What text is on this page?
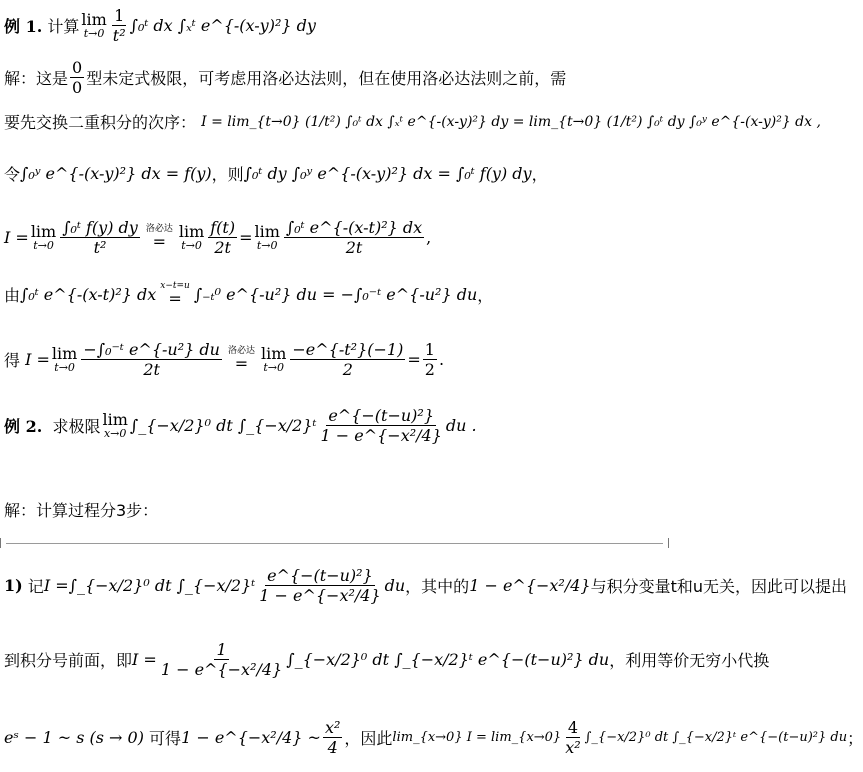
例 1.
计算 lim
$t\to 0 \frac{1}{\text{t²}}$ ∫₀ᵗ dx ∫ₓᵗ e^{-(x-y)²} dy
解：这是 $\frac{0}{0}$ 型未定式极限，可考虑用洛必达法则，但在使用洛必达法则之前，需
要先交换二重积分的次序：
I = lim_{t→0} (1/t²) ∫₀ᵗ dx ∫ₓᵗ e^{-(x-y)²} dy = lim_{t→0} (1/t²) ∫₀ᵗ dy ∫₀ʸ e^{-(x-y)²} dx ,
令 ∫₀ʸ e^{-(x-y)²} dx = f(y) ，则 ∫₀ᵗ dy ∫₀ʸ e^{-(x-y)²} dx = ∫₀ᵗ f(y) dy ，
I = lim
$t\to 0 \frac{\text{∫₀ᵗ f(y) dy}}{\text{t²}}$ 洛必达
=
lim
$t\to 0 \frac{f(t)}{2t} = \lim$
$t\to 0 \frac{\text{∫₀ᵗ e\textasciicircum{}\{-(x-t)²\} dx}}{2t}$ ,
由 ∫₀ᵗ e^{-(x-t)²} dx x−t=u
= ∫₋ₜ⁰ e^{-u²} du = −∫₀⁻ᵗ e^{-u²} du ，
得
I = lim
$t\to 0 \frac{\text{−∫₀⁻ᵗ e\textasciicircum{}\{-u²\} du}}{2t}$ 洛必达
=
lim
$t\to 0 \frac{\text{−e\textasciicircum{}\{-t²\}(−1)}}{2} = \frac{1}{2}$ .
例 2.
求极限 lim
x→0 ∫_{−x/2}⁰ dt ∫_{−x/2}ᵗ $\frac{\text{e\textasciicircum{}\{−(t−u)²\}}}{\text{1 − e\textasciicircum{}\{−x²/4\}}}$ du .
解：计算过程分3步：
1)
记 I = ∫_{−x/2}⁰ dt ∫_{−x/2}ᵗ $\frac{\text{e\textasciicircum{}\{−(t−u)²\}}}{\text{1 − e\textasciicircum{}\{−x²/4\}}}$ du ，其中的 1 − e^{−x²/4} 与积分变量t和u无关，因此可以提出
到积分号前面，即 $I = \frac{1}{\text{1 − e\textasciicircum{}\{−x²/4\}}}$ ∫_{−x/2}⁰ dt ∫_{−x/2}ᵗ e^{−(t−u)²} du ，利用等价无穷小代换
eˢ − 1 ~ s (s → 0)
可得 1 − e^{−x²/4} ~ $\frac{\text{x²}}{4}$ ，因此 lim_{x→0} I = lim_{x→0} $\frac{4}{\text{x²}}$ ∫_{−x/2}⁰ dt ∫_{−x/2}ᵗ e^{−(t−u)²} du ；
